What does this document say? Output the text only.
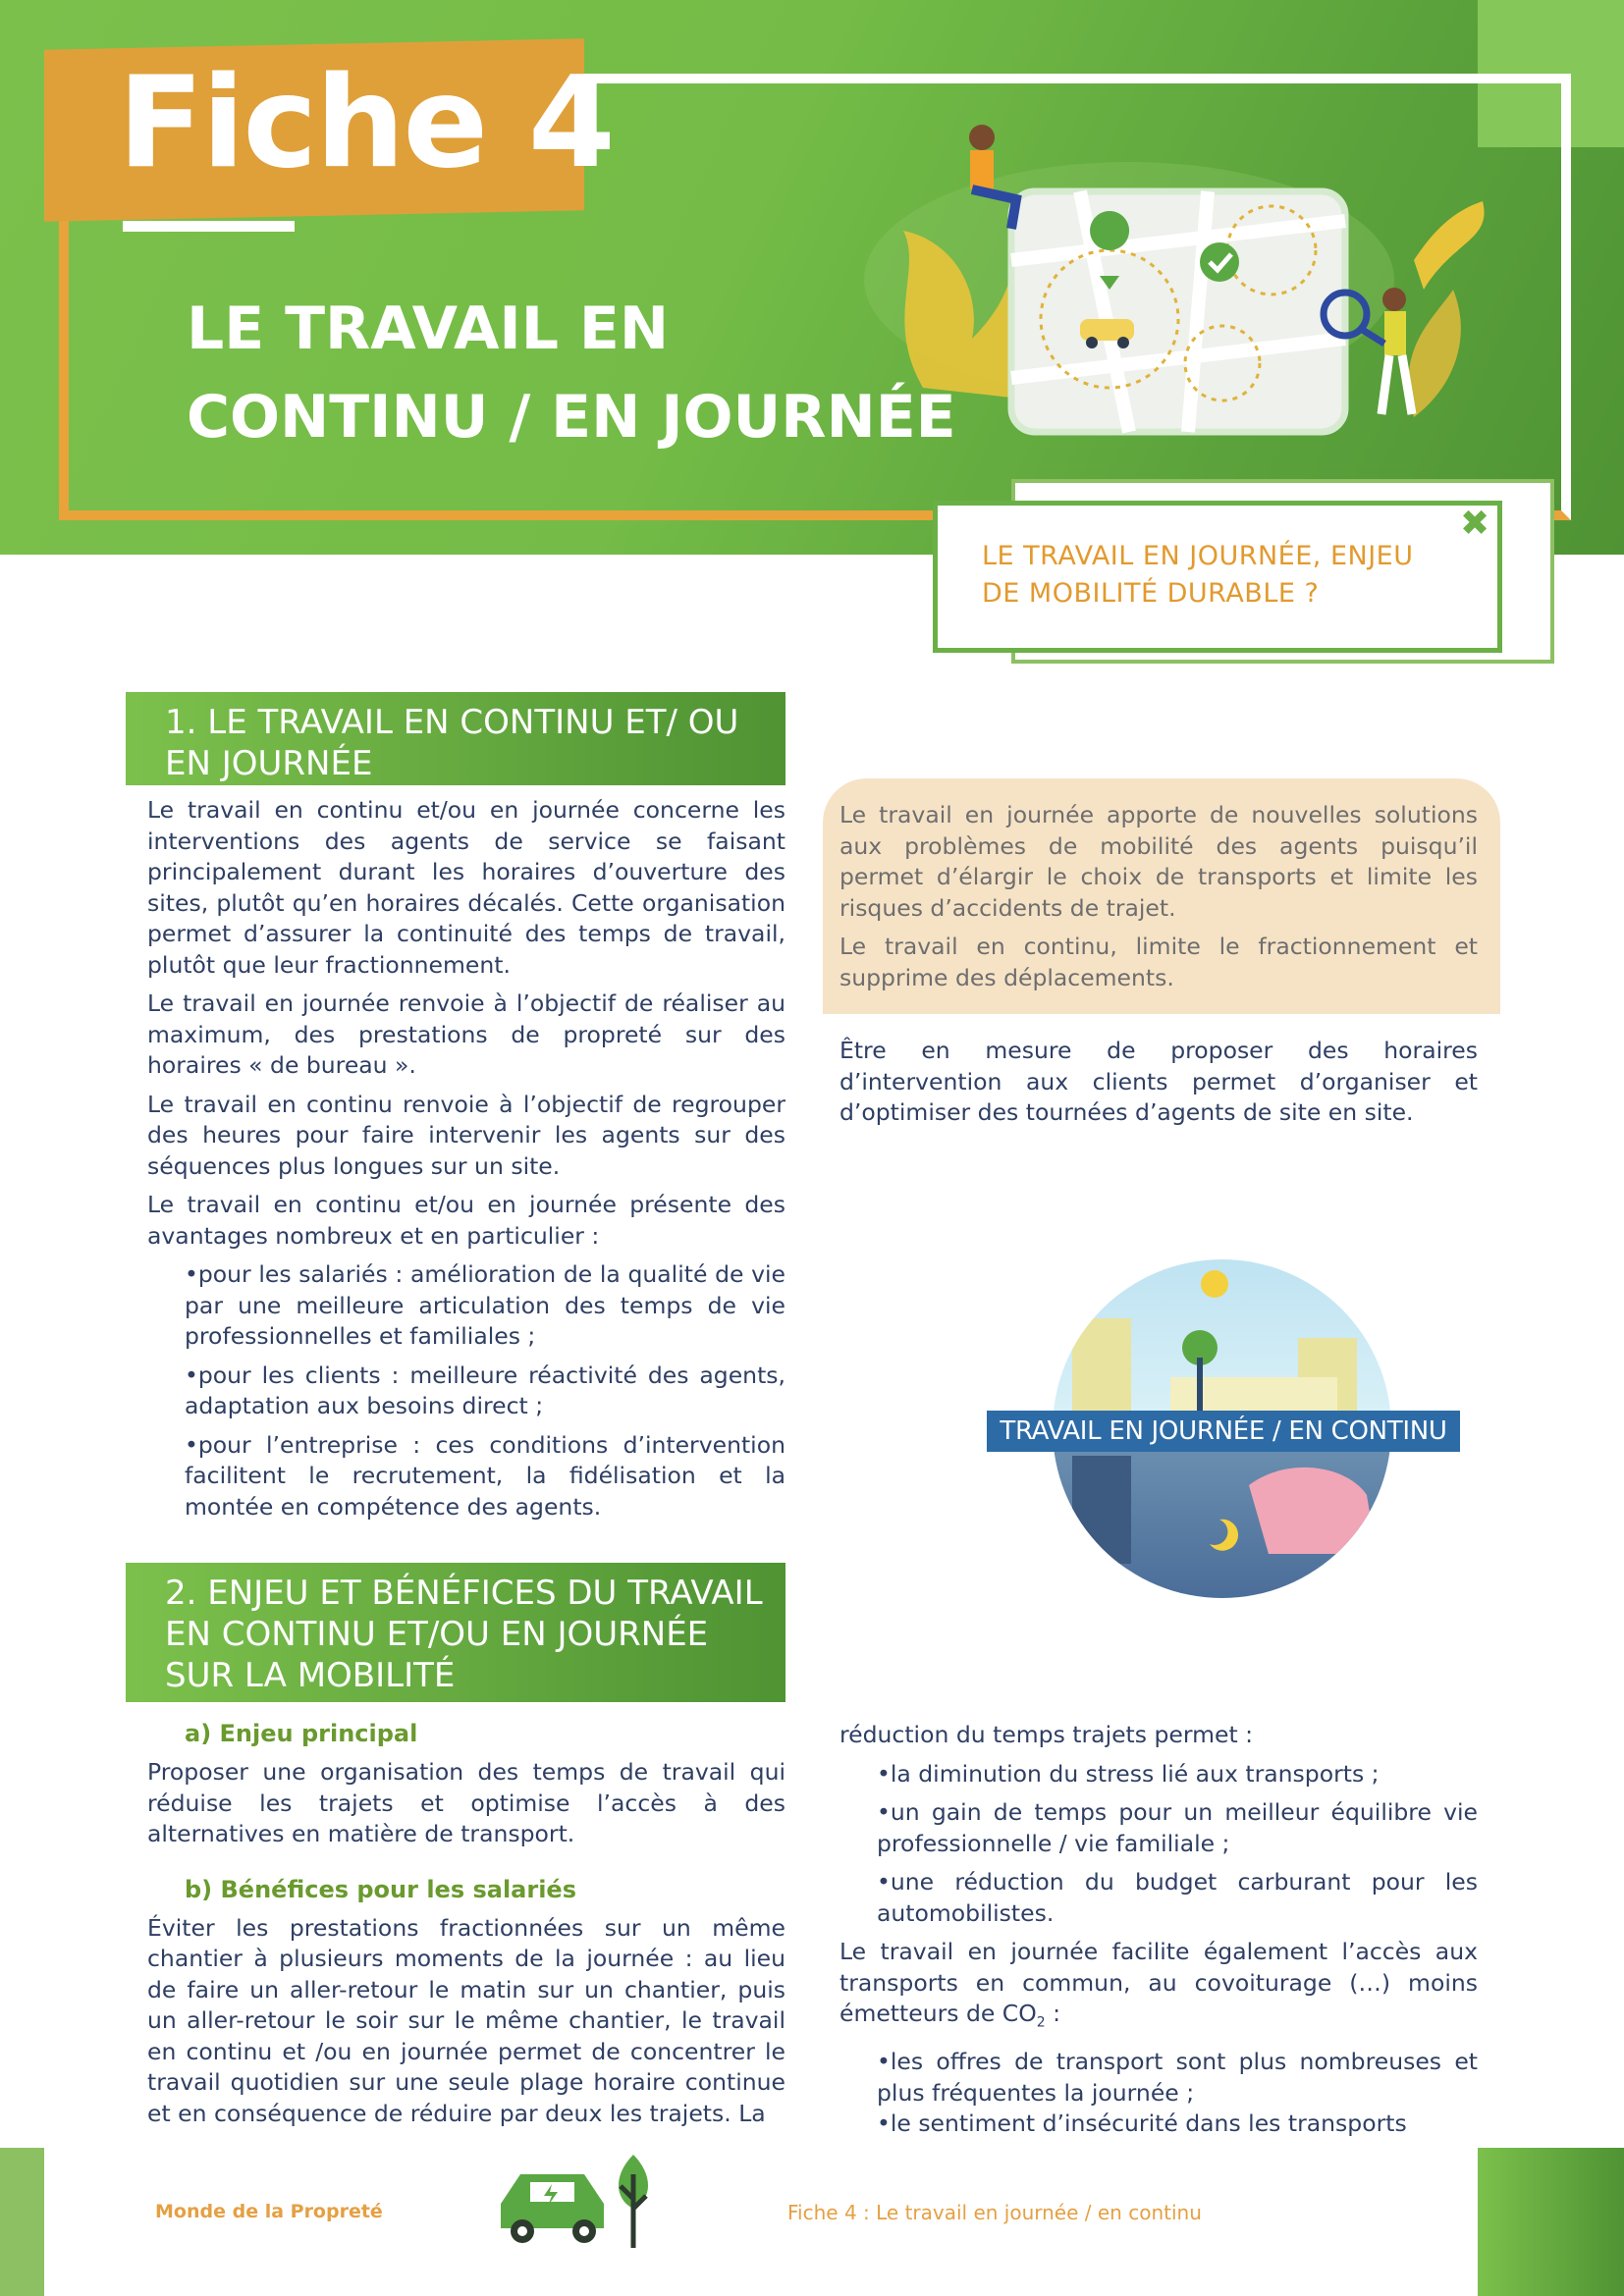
Fiche 4
LE TRAVAIL EN
CONTINU / EN JOURNÉE
✖
LE TRAVAIL EN JOURNÉE, ENJEU
DE MOBILITÉ DURABLE ?
1. LE TRAVAIL EN CONTINU ET/ OU
EN JOURNÉE

Le travail en continu et/ou en journée concerne les interventions des agents de service se faisant principalement durant les horaires d’ouverture des sites, plutôt qu’en horaires décalés. Cette organisation permet d’assurer la continuité des temps de travail, plutôt que leur fractionnement.

Le travail en journée renvoie à l’objectif de réaliser au maximum, des prestations de propreté sur des horaires « de bureau ».

Le travail en continu renvoie à l’objectif de regrouper des heures pour faire intervenir les agents sur des séquences plus longues sur un site.

Le travail en continu et/ou en journée présente des avantages nombreux et en particulier :

•pour les salariés : amélioration de la qualité de vie par une meilleure articulation des temps de vie professionnelles et familiales ;

•pour les clients : meilleure réactivité des agents, adaptation aux besoins direct ;

•pour l’entreprise : ces conditions d’intervention facilitent le recrutement, la fidélisation et la montée en compétence des agents.

Le travail en journée apporte de nouvelles solutions aux problèmes de mobilité des agents puisqu’il permet d’élargir le choix de transports et limite les risques d’accidents de trajet.

Le travail en continu, limite le fractionnement et supprime des déplacements.

Être en mesure de proposer des horaires d’intervention aux clients permet d’organiser et d’optimiser des tournées d’agents de site en site.

TRAVAIL EN JOURNÉE / EN CONTINU
2. ENJEU ET BÉNÉFICES DU TRAVAIL
EN CONTINU ET/OU EN JOURNÉE
SUR LA MOBILITÉ
a) Enjeu principal

Proposer une organisation des temps de travail qui réduise les trajets et optimise l’accès à des alternatives en matière de transport.

b) Bénéfices pour les salariés

Éviter les prestations fractionnées sur un même chantier à plusieurs moments de la journée : au lieu de faire un aller-retour le matin sur un chantier, puis un aller-retour le soir sur le même chantier, le travail en continu et /ou en journée permet de concentrer le travail quotidien sur une seule plage horaire continue et en conséquence de réduire par deux les trajets. La

réduction du temps trajets permet :

•la diminution du stress lié aux transports ;

•un gain de temps pour un meilleur équilibre vie professionnelle / vie familiale ;

•une réduction du budget carburant pour les automobilistes.

Le travail en journée facilite également l’accès aux transports en commun, au covoiturage (…) moins émetteurs de $CO_2$ :

•les offres de transport sont plus nombreuses et plus fréquentes la journée ;

•le sentiment d’insécurité dans les transports

Monde de la Propreté	Fiche 4 : Le travail en journée / en continu
